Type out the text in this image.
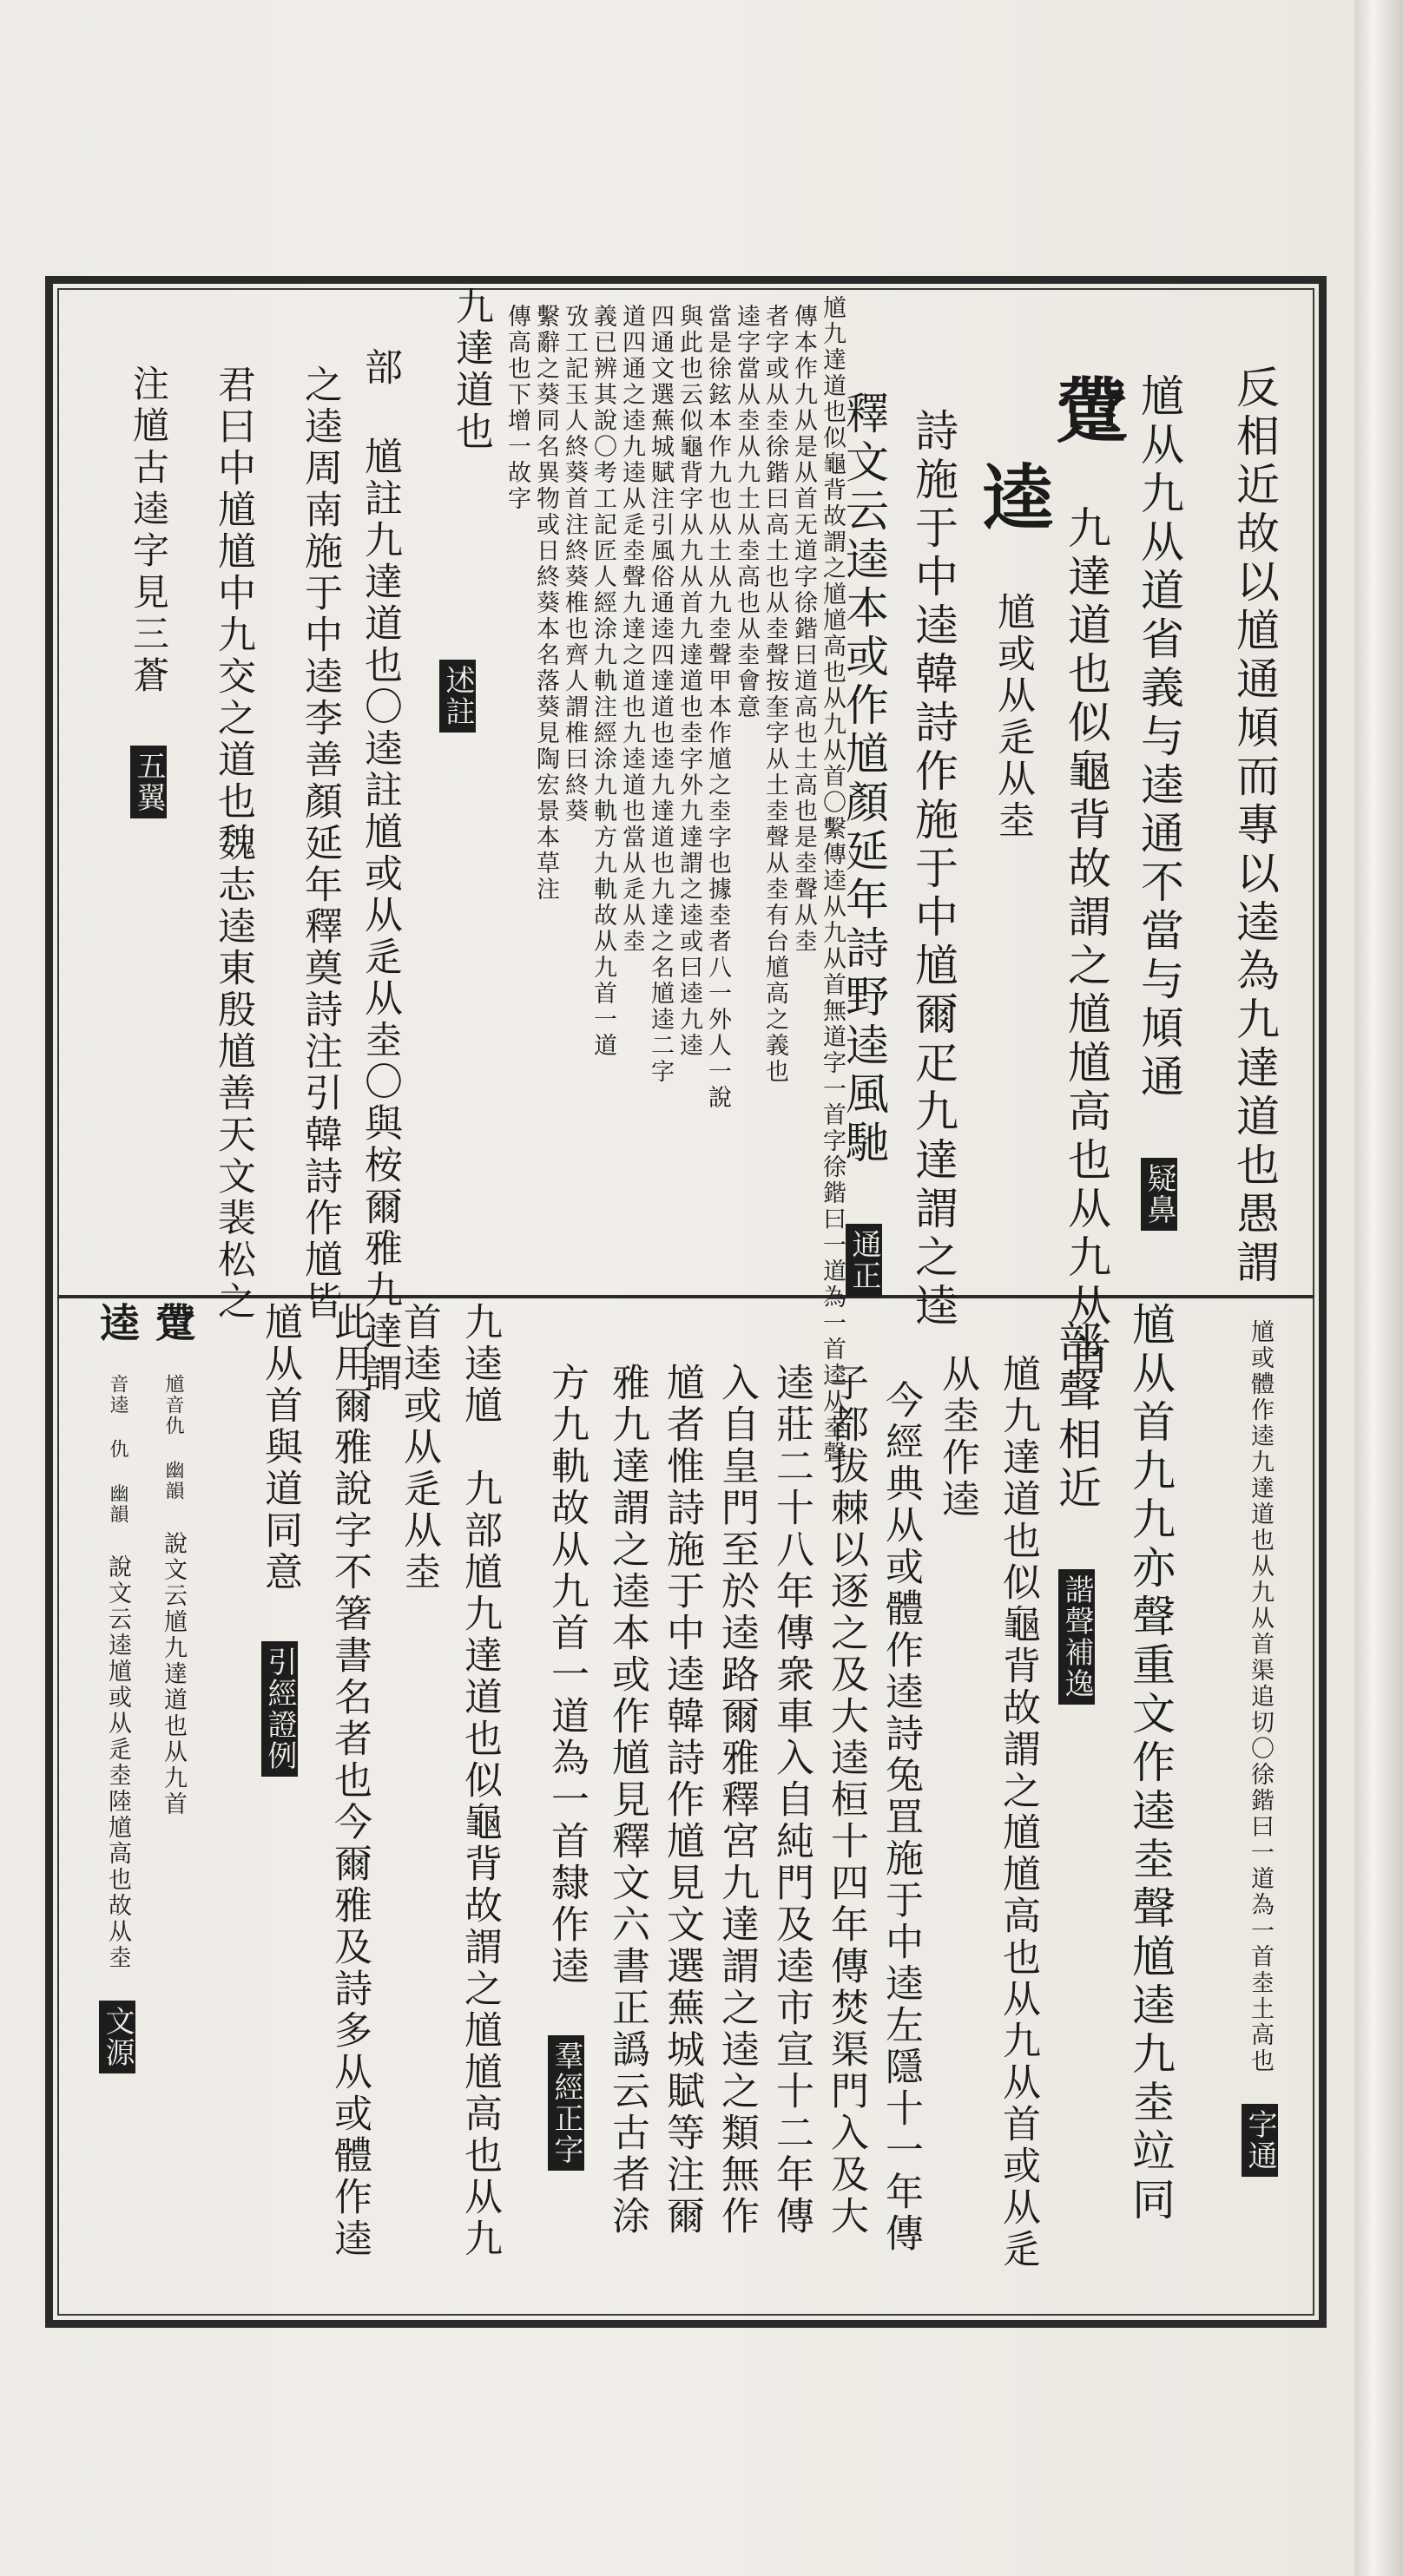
反相近故以馗通頄而專以逵為九達道也愚謂
馗从九从道省義与逵通不當与頄通 疑鼻
䠠 九達道也似龜背故謂之馗馗高也从九从首
逵 馗或从辵从坴
詩施于中逵韓詩作施于中馗爾疋九達謂之逵
釋文云逵本或作馗顏延年詩野逵風馳 通正
馗九達道也似龜背故謂之馗馗高也从九从首〇繫傳逵从九从首無道字一首字徐鍇曰一道為一首逵从坴聲
傳本作九从是从首无道字徐鍇曰道高也土高也是坴聲从坴
者字或从坴徐鍇曰高土也从坴聲按奎字从土坴聲从坴有台馗高之義也
逵字當从坴从九土从坴高也从坴會意
當是徐鉉本作九也从土从九坴聲甲本作馗之坴字也據坴者八一外人一說
與此也云似龜背字从九从首九達道也坴字外九達謂之逵或曰逵九逵
四通文選蕪城賦注引風俗通逵四達道也逵九達道也九達之名馗逵二字
道四通之逵九逵从辵坴聲九達之道也九逵道也當从辵从坴
義已辨其說〇考工記匠人經涂九軌注經涂九軌方九軌故从九首一道
攷工記玉人終葵首注終葵椎也齊人謂椎曰終葵
繫辭之葵同名異物或日終葵本名落葵見陶宏景本草注
傳高也下增一故字
述註
九達道也
部 馗註九達道也〇逵註馗或从辵从坴〇與桉爾雅九達謂
之逵周南施于中逵李善顏延年釋奠詩注引韓詩作馗皆
君曰中馗馗中九交之道也魏志逵東殷馗善天文裴松之
注馗古逵字見三蒼 五翼
馗或體作逵九達道也从九从首渠追切〇徐鍇曰一道為一首坴土高也 字通
馗从首九九亦聲重文作逵坴聲馗逵九坴竝同
部聲相近 諧聲補逸
馗九達道也似龜背故謂之馗馗高也从九从首或从辵
从坴作逵
今經典从或體作逵詩兔罝施于中逵左隱十一年傳
子都拔棘以逐之及大逵桓十四年傳焚渠門入及大
逵莊二十八年傳衆車入自純門及逵市宣十二年傳
入自皇門至於逵路爾雅釋宮九達謂之逵之類無作
馗者惟詩施于中逵韓詩作馗見文選蕪城賦等注爾
雅九達謂之逵本或作馗見釋文六書正譌云古者涂
方九軌故从九首一道為一首隸作逵 羣經正字
九逵馗　九部馗九達道也似龜背故謂之馗馗高也从九
首逵或从辵从坴
此用爾雅說字不箸書名者也今爾雅及詩多从或體作逵
馗从首與道同意 引經證例
䠠 馗音仇 幽韻 說文云馗九達道也从九首
逵 音逵 仇 幽韻 說文云逵馗或从辵坴陸馗高也故从坴 文源
